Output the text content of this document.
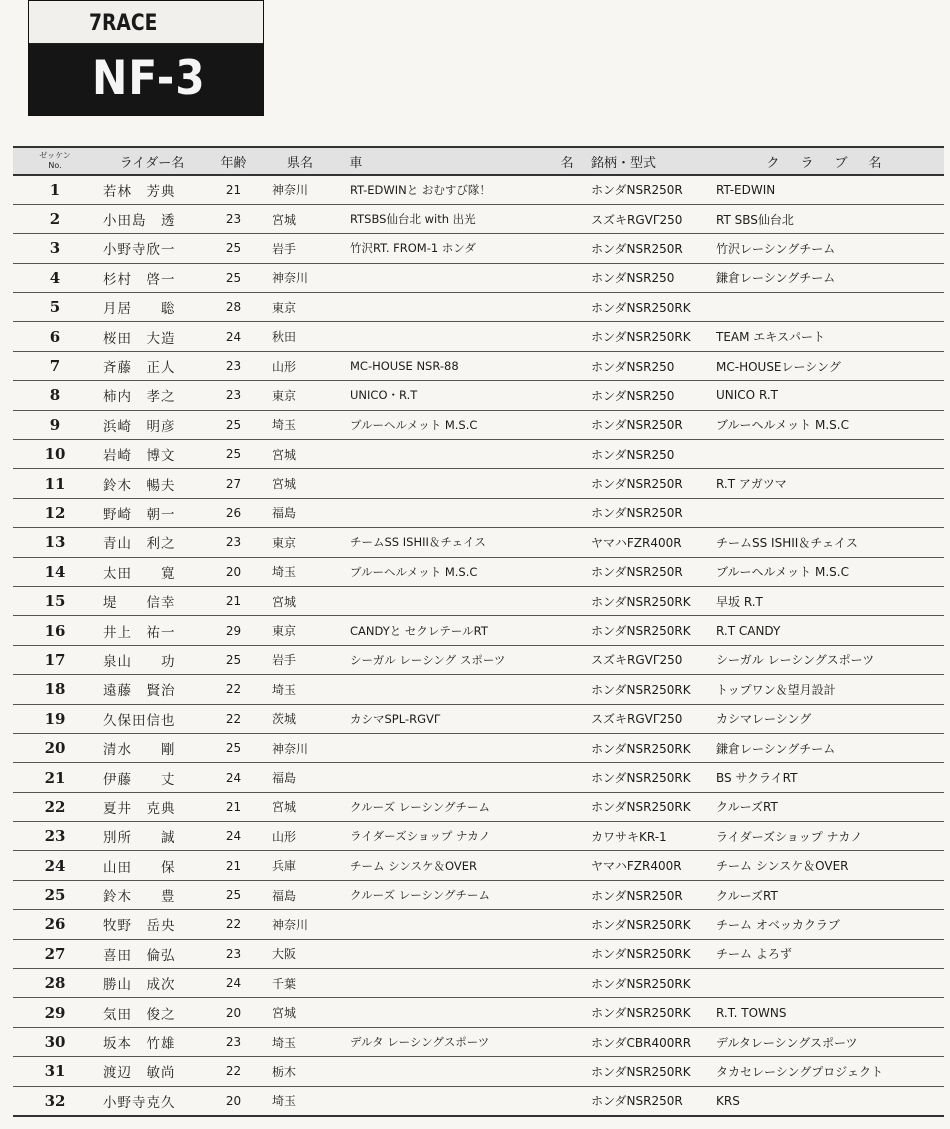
7RACE
NF-3
ゼッケン
No.	ライダー名	年齢	県名	車 名	銘柄・型式	ク　ラ　ブ　名
1	若林　芳典	21	神奈川	RT-EDWINと おむすび隊！	ホンダNSR250R	RT-EDWIN
2	小田島　透	23	宮城	RTSBS仙台北 with 出光	スズキRGVΓ250	RT SBS仙台北
3	小野寺欣一	25	岩手	竹沢RT. FROM-1 ホンダ	ホンダNSR250R	竹沢レーシングチーム
4	杉村　啓一	25	神奈川		ホンダNSR250	鎌倉レーシングチーム
5	月居　　聡	28	東京		ホンダNSR250RK	
6	桜田　大造	24	秋田		ホンダNSR250RK	TEAM エキスパート
7	斉藤　正人	23	山形	MC-HOUSE NSR-88	ホンダNSR250	MC-HOUSEレーシング
8	柿内　孝之	23	東京	UNICO・R.T	ホンダNSR250	UNICO R.T
9	浜崎　明彦	25	埼玉	ブルーヘルメット M.S.C	ホンダNSR250R	ブルーヘルメット M.S.C
10	岩崎　博文	25	宮城		ホンダNSR250	
11	鈴木　暢夫	27	宮城		ホンダNSR250R	R.T アガツマ
12	野崎　朝一	26	福島		ホンダNSR250R	
13	青山　利之	23	東京	チームSS ISHII＆チェイス	ヤマハFZR400R	チームSS ISHII＆チェイス
14	太田　　寛	20	埼玉	ブルーヘルメット M.S.C	ホンダNSR250R	ブルーヘルメット M.S.C
15	堤　　信幸	21	宮城		ホンダNSR250RK	早坂 R.T
16	井上　祐一	29	東京	CANDYと セクレテールRT	ホンダNSR250RK	R.T CANDY
17	泉山　　功	25	岩手	シーガル レーシング スポーツ	スズキRGVΓ250	シーガル レーシングスポーツ
18	遠藤　賢治	22	埼玉		ホンダNSR250RK	トップワン＆望月設計
19	久保田信也	22	茨城	カシマSPL-RGVΓ	スズキRGVΓ250	カシマレーシング
20	清水　　剛	25	神奈川		ホンダNSR250RK	鎌倉レーシングチーム
21	伊藤　　丈	24	福島		ホンダNSR250RK	BS サクライRT
22	夏井　克典	21	宮城	クルーズ レーシングチーム	ホンダNSR250RK	クルーズRT
23	別所　　誠	24	山形	ライダーズショップ ナカノ	カワサキKR-1	ライダーズショップ ナカノ
24	山田　　保	21	兵庫	チーム シンスケ＆OVER	ヤマハFZR400R	チーム シンスケ＆OVER
25	鈴木　　豊	25	福島	クルーズ レーシングチーム	ホンダNSR250R	クルーズRT
26	牧野　岳央	22	神奈川		ホンダNSR250RK	チーム オベッカクラブ
27	喜田　倫弘	23	大阪		ホンダNSR250RK	チーム よろず
28	勝山　成次	24	千葉		ホンダNSR250RK	
29	気田　俊之	20	宮城		ホンダNSR250RK	R.T. TOWNS
30	坂本　竹雄	23	埼玉	デルタ レーシングスポーツ	ホンダCBR400RR	デルタレーシングスポーツ
31	渡辺　敏尚	22	栃木		ホンダNSR250RK	タカセレーシングプロジェクト
32	小野寺克久	20	埼玉		ホンダNSR250R	KRS
